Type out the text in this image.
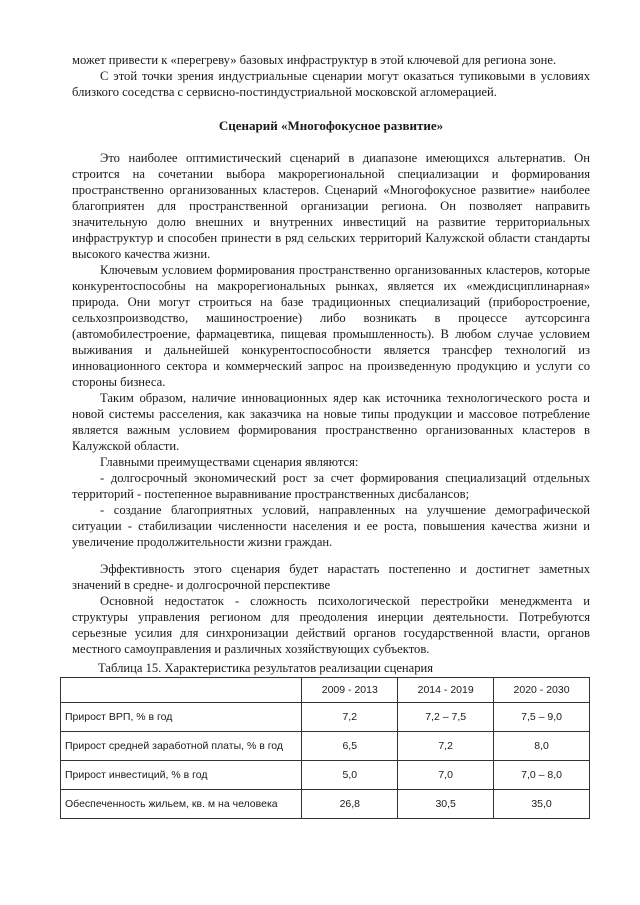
может привести к «перегреву» базовых инфраструктур в этой ключевой для региона зоне.

С этой точки зрения индустриальные сценарии могут оказаться тупиковыми в условиях близкого соседства с сервисно-постиндустриальной московской агломерацией.

Сценарий «Многофокусное развитие»

Это наиболее оптимистический сценарий в диапазоне имеющихся альтернатив. Он строится на сочетании выбора макрорегиональной специализации и формирования пространственно организованных кластеров. Сценарий «Многофокусное развитие» наиболее благоприятен для пространственной организации региона. Он позволяет направить значительную долю внешних и внутренних инвестиций на развитие территориальных инфраструктур и способен принести в ряд сельских территорий Калужской области стандарты высокого качества жизни.

Ключевым условием формирования пространственно организованных кластеров, которые конкурентоспособны на макрорегиональных рынках, является их «междисциплинарная» природа. Они могут строиться на базе традиционных специализаций (приборостроение, сельхозпроизводство, машиностроение) либо возникать в процессе аутсорсинга (автомобилестроение, фармацевтика, пищевая промышленность). В любом случае условием выживания и дальнейшей конкурентоспособности является трансфер технологий из инновационного сектора и коммерческий запрос на произведенную продукцию и услуги со стороны бизнеса.

Таким образом, наличие инновационных ядер как источника технологического роста и новой системы расселения, как заказчика на новые типы продукции и массовое потребление является важным условием формирования пространственно организованных кластеров в Калужской области.

Главными преимуществами сценария являются:

- долгосрочный экономический рост за счет формирования специализаций отдельных территорий - постепенное выравнивание пространственных дисбалансов;

- создание благоприятных условий, направленных на улучшение демографической ситуации - стабилизации численности населения и ее роста, повышения качества жизни и увеличение продолжительности жизни граждан.

Эффективность этого сценария будет нарастать постепенно и достигнет заметных значений в средне- и долгосрочной перспективе

Основной недостаток - сложность психологической перестройки менеджмента и структуры управления регионом для преодоления инерции деятельности. Потребуются серьезные усилия для синхронизации действий органов государственной власти, органов местного самоуправления и различных хозяйствующих субъектов.

Таблица 15. Характеристика результатов реализации сценария

	2009 - 2013	2014 - 2019	2020 - 2030
Прирост ВРП, % в год	7,2	7,2 – 7,5	7,5 – 9,0
Прирост средней заработной платы, % в год	6,5	7,2	8,0
Прирост инвестиций, % в год	5,0	7,0	7,0 – 8,0
Обеспеченность жильем, кв. м на человека	26,8	30,5	35,0
